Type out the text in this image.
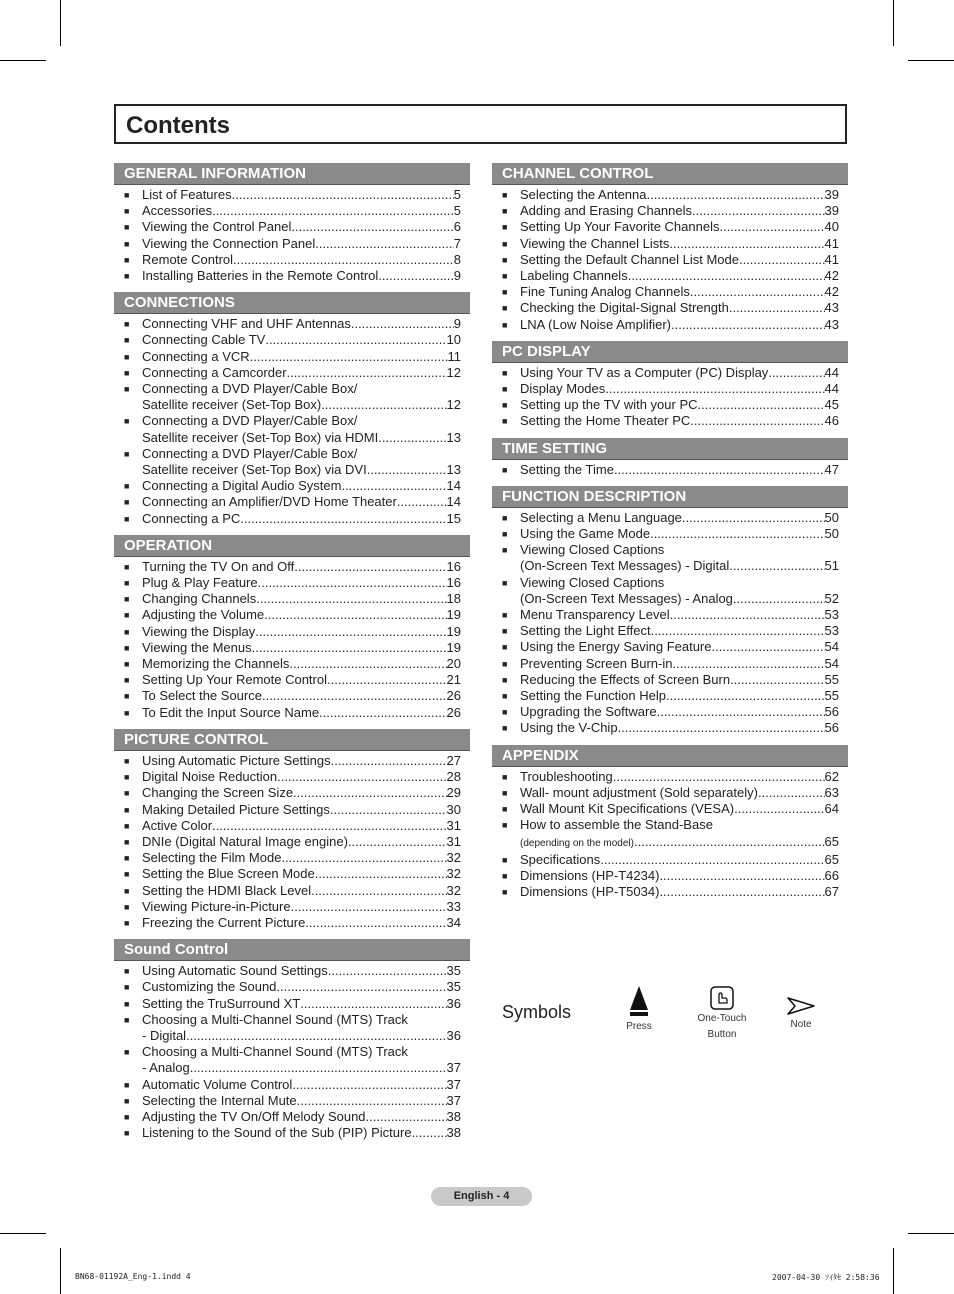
Contents
GENERAL INFORMATION
■ List of Features .....	5
■ Accessories .....	5
■ Viewing the Control Panel .....	6
■ Viewing the Connection Panel .....	7
■ Remote Control .....	8
■ Installing Batteries in the Remote Control .....	9
CONNECTIONS
■ Connecting VHF and UHF Antennas .....	9
■ Connecting Cable TV .....	10
■ Connecting a VCR .....	11
■ Connecting a Camcorder .....	12
■ Connecting a DVD Player/Cable Box/
Satellite receiver (Set-Top Box) .....	12
■ Connecting a DVD Player/Cable Box/
Satellite receiver (Set-Top Box) via HDMI .....	13
■ Connecting a DVD Player/Cable Box/
Satellite receiver (Set-Top Box) via DVI .....	13
■ Connecting a Digital Audio System .....	14
■ Connecting an Amplifier/DVD Home Theater .....	14
■ Connecting a PC .....	15
OPERATION
■ Turning the TV On and Off .....	16
■ Plug & Play Feature .....	16
■ Changing Channels .....	18
■ Adjusting the Volume .....	19
■ Viewing the Display .....	19
■ Viewing the Menus .....	19
■ Memorizing the Channels .....	20
■ Setting Up Your Remote Control .....	21
■ To Select the Source .....	26
■ To Edit the Input Source Name .....	26
PICTURE CONTROL
■ Using Automatic Picture Settings .....	27
■ Digital Noise Reduction .....	28
■ Changing the Screen Size .....	29
■ Making Detailed Picture Settings .....	30
■ Active Color .....	31
■ DNIe (Digital Natural Image engine) .....	31
■ Selecting the Film Mode .....	32
■ Setting the Blue Screen Mode .....	32
■ Setting the HDMI Black Level .....	32
■ Viewing Picture-in-Picture .....	33
■ Freezing the Current Picture .....	34
Sound Control
■ Using Automatic Sound Settings .....	35
■ Customizing the Sound .....	35
■ Setting the TruSurround XT .....	36
■ Choosing a Multi-Channel Sound (MTS) Track
- Digital .....	36
■ Choosing a Multi-Channel Sound (MTS) Track
- Analog .....	37
■ Automatic Volume Control .....	37
■ Selecting the Internal Mute .....	37
■ Adjusting the TV On/Off Melody Sound .....	38
■ Listening to the Sound of the Sub (PIP) Picture .....	38
CHANNEL CONTROL
■ Selecting the Antenna .....	39
■ Adding and Erasing Channels .....	39
■ Setting Up Your Favorite Channels .....	40
■ Viewing the Channel Lists .....	41
■ Setting the Default Channel List Mode .....	41
■ Labeling Channels .....	42
■ Fine Tuning Analog Channels .....	42
■ Checking the Digital-Signal Strength .....	43
■ LNA (Low Noise Amplifier) .....	43
PC DISPLAY
■ Using Your TV as a Computer (PC) Display .....	44
■ Display Modes .....	44
■ Setting up the TV with your PC .....	45
■ Setting the Home Theater PC .....	46
TIME SETTING
■ Setting the Time .....	47
FUNCTION DESCRIPTION
■ Selecting a Menu Language .....	50
■ Using the Game Mode .....	50
■ Viewing Closed Captions
(On-Screen Text Messages) - Digital .....	51
■ Viewing Closed Captions
(On-Screen Text Messages) - Analog .....	52
■ Menu Transparency Level .....	53
■ Setting the Light Effect .....	53
■ Using the Energy Saving Feature .....	54
■ Preventing Screen Burn-in .....	54
■ Reducing the Effects of Screen Burn .....	55
■ Setting the Function Help .....	55
■ Upgrading the Software .....	56
■ Using the V-Chip .....	56
APPENDIX
■ Troubleshooting .....	62
■ Wall- mount adjustment (Sold separately) .....	63
■ Wall Mount Kit Specifications (VESA) .....	64
■ How to assemble the Stand-Base
(depending on the model) .....	65
■ Specifications .....	65
■ Dimensions (HP-T4234) .....	66
■ Dimensions (HP-T5034) .....	67
Symbols
Press
One-Touch
Button
Note
English - 4
BN68-01192A_Eng-1.indd 4	2007-04-30 ｿｲﾀｾ 2:58:36
